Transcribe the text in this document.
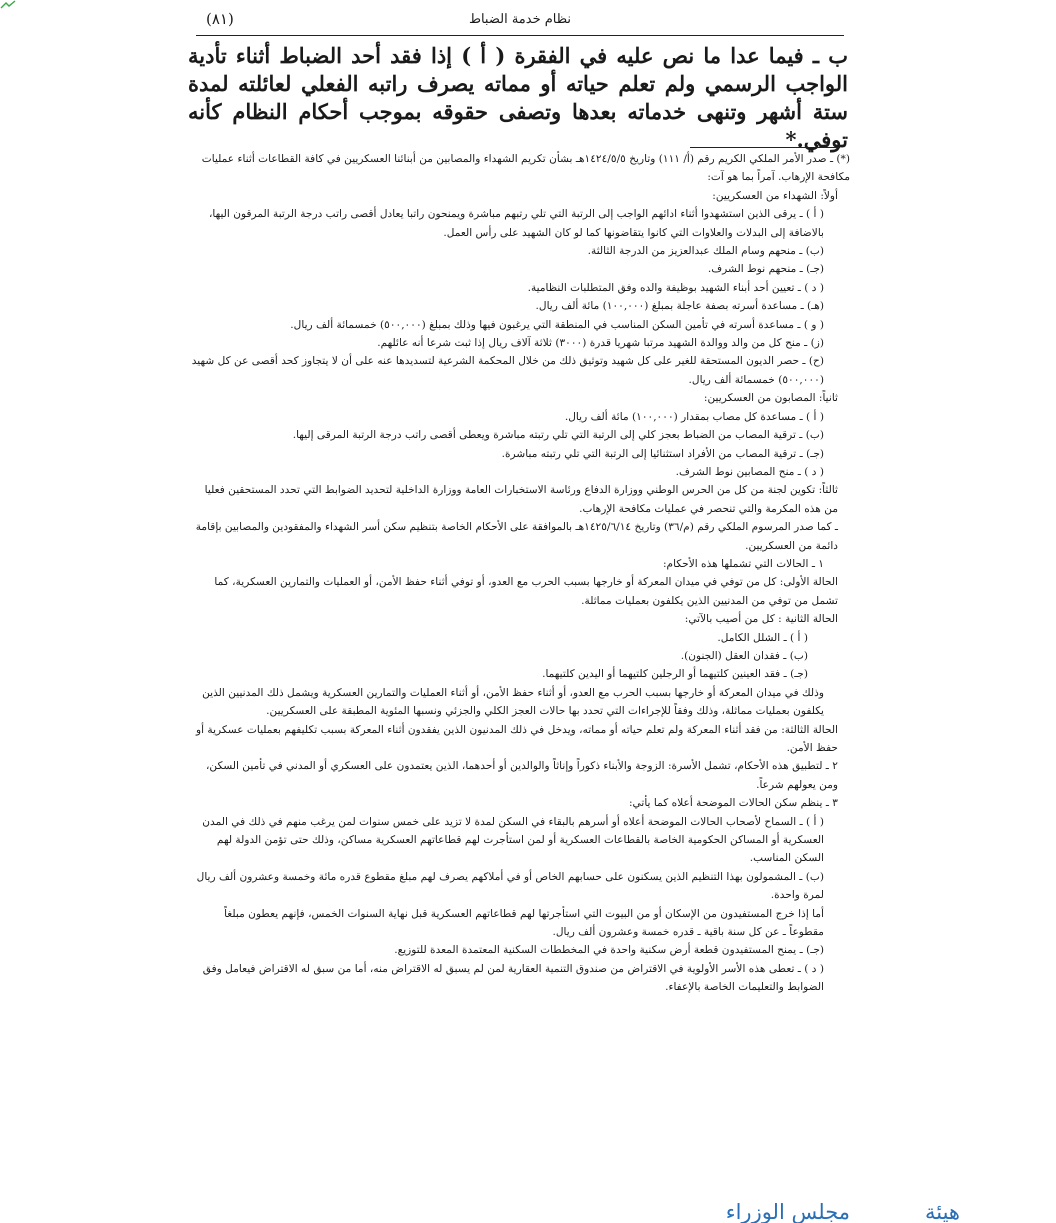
(٨١)	نظام خدمة الضباط

ب ـ فيما عدا ما نص عليه في الفقرة ( أ ) إذا فقد أحد الضباط أثناء تأدية الواجب الرسمي ولم تعلم حياته أو مماته يصرف راتبه الفعلي لعائلته لمدة ستة أشهر وتنهى خدماته بعدها وتصفى حقوقه بموجب أحكام النظام كأنه توفي.*

(*) ـ صدر الأمر الملكي الكريم رقم (أ/ ١١١) وتاريخ ١٤٢٤/٥/٥هـ بشأن تكريم الشهداء والمصابين من أبنائنا العسكريين في كافة القطاعات أثناء عمليات مكافحة الإرهاب. آمراً بما هو آت:

أولاً: الشهداء من العسكريين:

( أ ) ـ يرقى الذين استشهدوا أثناء ادائهم الواجب إلى الرتبة التي تلي رتبهم مباشرة ويمنحون راتبا يعادل أقصى راتب درجة الرتبة المرقون اليها، بالاضافة إلى البدلات والعلاوات التي كانوا يتقاضونها كما لو كان الشهيد على رأس العمل.

(ب) ـ منحهم وسام الملك عبدالعزيز من الدرجة الثالثة.

(جـ) ـ منحهم نوط الشرف.

( د ) ـ تعيين أحد أبناء الشهيد بوظيفة والده وفق المتطلبات النظامية.

(هـ) ـ مساعدة أسرته بصفة عاجلة بمبلغ (١٠٠,٠٠٠) مائة ألف ريال.

( و ) ـ مساعدة أسرته في تأمين السكن المناسب في المنطقة التي يرغبون فيها وذلك بمبلغ (٥٠٠,٠٠٠) خمسمائة ألف ريال.

(ز) ـ منح كل من والد ووالدة الشهيد مرتبا شهريا قدرة (٣٠٠٠) ثلاثة آلاف ريال إذا ثبت شرعا أنه عائلهم.

(ح) ـ حصر الديون المستحقة للغير على كل شهيد وتوثيق ذلك من خلال المحكمة الشرعية لتسديدها عنه على أن لا يتجاوز كحد أقصى عن كل شهيد (٥٠٠,٠٠٠) خمسمائة ألف ريال.

ثانياً: المصابون من العسكريين:

( أ ) ـ مساعدة كل مصاب بمقدار (١٠٠,٠٠٠) مائة ألف ريال.

(ب) ـ ترقية المصاب من الضباط بعجز كلي إلى الرتبة التي تلي رتبته مباشرة ويعطى أقصى راتب درجة الرتبة المرقى إليها.

(جـ) ـ ترقية المصاب من الأفراد استثنائيا إلى الرتبة التي تلي رتبته مباشرة.

( د ) ـ منح المصابين نوط الشرف.

ثالثاً: تكوين لجنة من كل من الحرس الوطني ووزارة الدفاع ورئاسة الاستخبارات العامة ووزارة الداخلية لتحديد الضوابط التي تحدد المستحقين فعليا من هذه المكرمة والتي تنحصر في عمليات مكافحة الإرهاب.

ـ كما صدر المرسوم الملكي رقم (م/٣٦) وتاريخ ١٤٢٥/٦/١٤هـ بالموافقة على الأحكام الخاصة بتنظيم سكن أسر الشهداء والمفقودين والمصابين بإقامة دائمة من العسكريين.

١ ـ الحالات التي تشملها هذه الأحكام:

الحالة الأولى: كل من توفي في ميدان المعركة أو خارجها بسبب الحرب مع العدو، أو توفي أثناء حفظ الأمن، أو العمليات والتمارين العسكرية، كما تشمل من توفي من المدنيين الذين يكلفون بعمليات مماثلة.

الحالة الثانية : كل من أصيب بالآتي:

( أ ) ـ الشلل الكامل.

(ب) ـ فقدان العقل (الجنون).

(جـ) ـ فقد العينين كلتيهما أو الرجلين كلتيهما أو اليدين كلتيهما.

وذلك في ميدان المعركة أو خارجها بسبب الحرب مع العدو، أو أثناء حفظ الأمن، أو أثناء العمليات والتمارين العسكرية ويشمل ذلك المدنيين الذين يكلفون بعمليات مماثلة، وذلك وفقاً للإجراءات التي تحدد بها حالات العجز الكلي والجزئي ونسبها المئوية المطبقة على العسكريين.

الحالة الثالثة: من فقد أثناء المعركة ولم تعلم حياته أو مماته، ويدخل في ذلك المدنيون الذين يفقدون أثناء المعركة بسبب تكليفهم بعمليات عسكرية أو حفظ الأمن.

٢ ـ لتطبيق هذه الأحكام، تشمل الأسرة: الزوجة والأبناء ذكوراً وإناثاً والوالدين أو أحدهما، الذين يعتمدون على العسكري أو المدني في تأمين السكن، ومن يعولهم شرعاً.

٣ ـ ينظم سكن الحالات الموضحة أعلاه كما يأتي:

( أ ) ـ السماح لأصحاب الحالات الموضحة أعلاه أو أسرهم بالبقاء في السكن لمدة لا تزيد على خمس سنوات لمن يرغب منهم في ذلك في المدن العسكرية أو المساكن الحكومية الخاصة بالقطاعات العسكرية أو لمن استأجرت لهم قطاعاتهم العسكرية مساكن، وذلك حتى تؤمن الدولة لهم السكن المناسب.

(ب) ـ المشمولون بهذا التنظيم الذين يسكنون على حسابهم الخاص أو في أملاكهم يصرف لهم مبلغ مقطوع قدره مائة وخمسة وعشرون ألف ريال لمرة واحدة.

أما إذا خرج المستفيدون من الإسكان أو من البيوت التي استأجرتها لهم قطاعاتهم العسكرية قبل نهاية السنوات الخمس، فإنهم يعطون مبلغاً مقطوعاً ـ عن كل سنة باقية ـ قدره خمسة وعشرون ألف ريال.

(جـ) ـ يمنح المستفيدون قطعة أرض سكنية واحدة في المخططات السكنية المعتمدة المعدة للتوزيع.

( د ) ـ تعطى هذه الأسر الأولوية في الاقتراض من صندوق التنمية العقارية لمن لم يسبق له الاقتراض منه، أما من سبق له الاقتراض فيعامل وفق الضوابط والتعليمات الخاصة بالإعفاء.

هيئة
مجلس الوزراء
